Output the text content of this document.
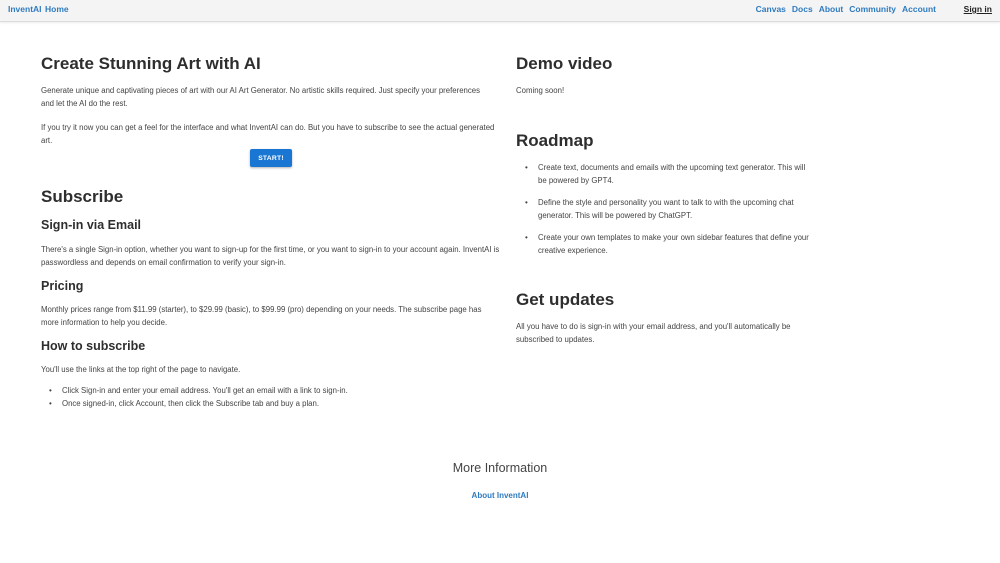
InventAI Home	Canvas Docs About Community Account	Sign in
Create Stunning Art with AI

Generate unique and captivating pieces of art with our AI Art Generator. No artistic skills required. Just specify your preferences and let the AI do the rest.

If you try it now you can get a feel for the interface and what InventAI can do. But you have to subscribe to see the actual generated art.

START!
Subscribe
Sign-in via Email

There's a single Sign-in option, whether you want to sign-up for the first time, or you want to sign-in to your account again. InventAI is passwordless and depends on email confirmation to verify your sign-in.

Pricing

Monthly prices range from $11.99 (starter), to $29.99 (basic), to $99.99 (pro) depending on your needs. The subscribe page has more information to help you decide.

How to subscribe

You'll use the links at the top right of the page to navigate.

• Click Sign-in and enter your email address. You'll get an email with a link to sign-in.
• Once signed-in, click Account, then click the Subscribe tab and buy a plan.
Demo video

Coming soon!

Roadmap
• Create text, documents and emails with the upcoming text generator. This will be powered by GPT4.
• Define the style and personality you want to talk to with the upcoming chat generator. This will be powered by ChatGPT.
• Create your own templates to make your own sidebar features that define your creative experience.
Get updates

All you have to do is sign-in with your email address, and you'll automatically be subscribed to updates.

More Information
About InventAI
